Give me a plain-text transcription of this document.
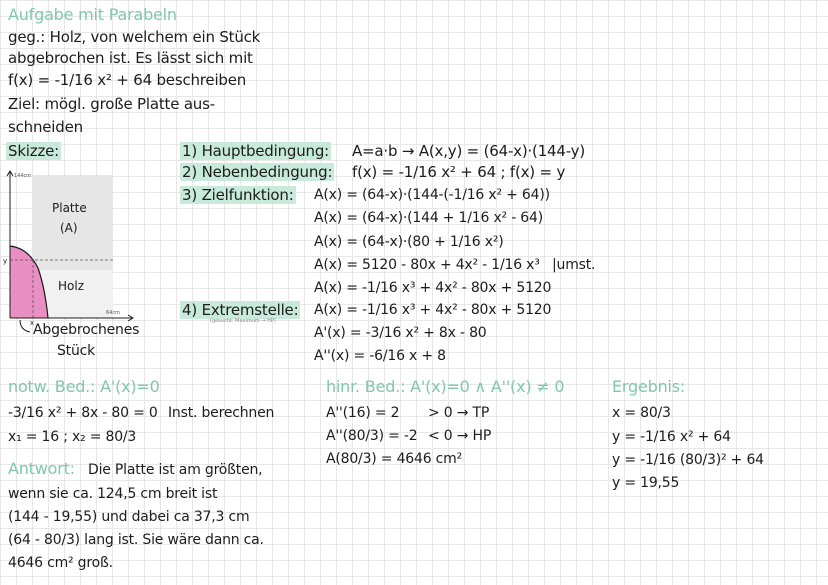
Aufgabe mit Parabeln
geg.: Holz, von welchem ein Stück
abgebrochen ist. Es lässt sich mit
f(x) = -1/16 x² + 64 beschreiben
Ziel: mögl. große Platte aus-
schneiden
Skizze:
144cm
64cm
y
x
Platte
(A)
Holz
Abgebrochenes
Stück
1) Hauptbedingung: A=a·b → A(x,y) = (64-x)·(144-y)
2) Nebenbedingung: f(x) = -1/16 x² + 64 ; f(x) = y
3) Zielfunktion: A(x) = (64-x)·(144-(-1/16 x² + 64))
A(x) = (64-x)·(144 + 1/16 x² - 64)
A(x) = (64-x)·(80 + 1/16 x²)
A(x) = 5120 - 80x + 4x² - 1/16 x³ |umst.
A(x) = -1/16 x³ + 4x² - 80x + 5120
4) Extremstelle:
(gesucht: Maximum → HP)
A(x) = -1/16 x³ + 4x² - 80x + 5120
A'(x) = -3/16 x² + 8x - 80
A''(x) = -6/16 x + 8
notw. Bed.: A'(x)=0
-3/16 x² + 8x - 80 = 0 Inst. berechnen
x₁ = 16 ; x₂ = 80/3
hinr. Bed.: A'(x)=0 ∧ A''(x) ≠ 0
A''(16) = 2 > 0 → TP
A''(80/3) = -2 < 0 → HP
A(80/3) = 4646 cm²
Ergebnis:
x = 80/3
y = -1/16 x² + 64
y = -1/16 (80/3)² + 64
y = 19,55
Antwort: Die Platte ist am größten,
wenn sie ca. 124,5 cm breit ist
(144 - 19,55) und dabei ca 37,3 cm
(64 - 80/3) lang ist. Sie wäre dann ca.
4646 cm² groß.
